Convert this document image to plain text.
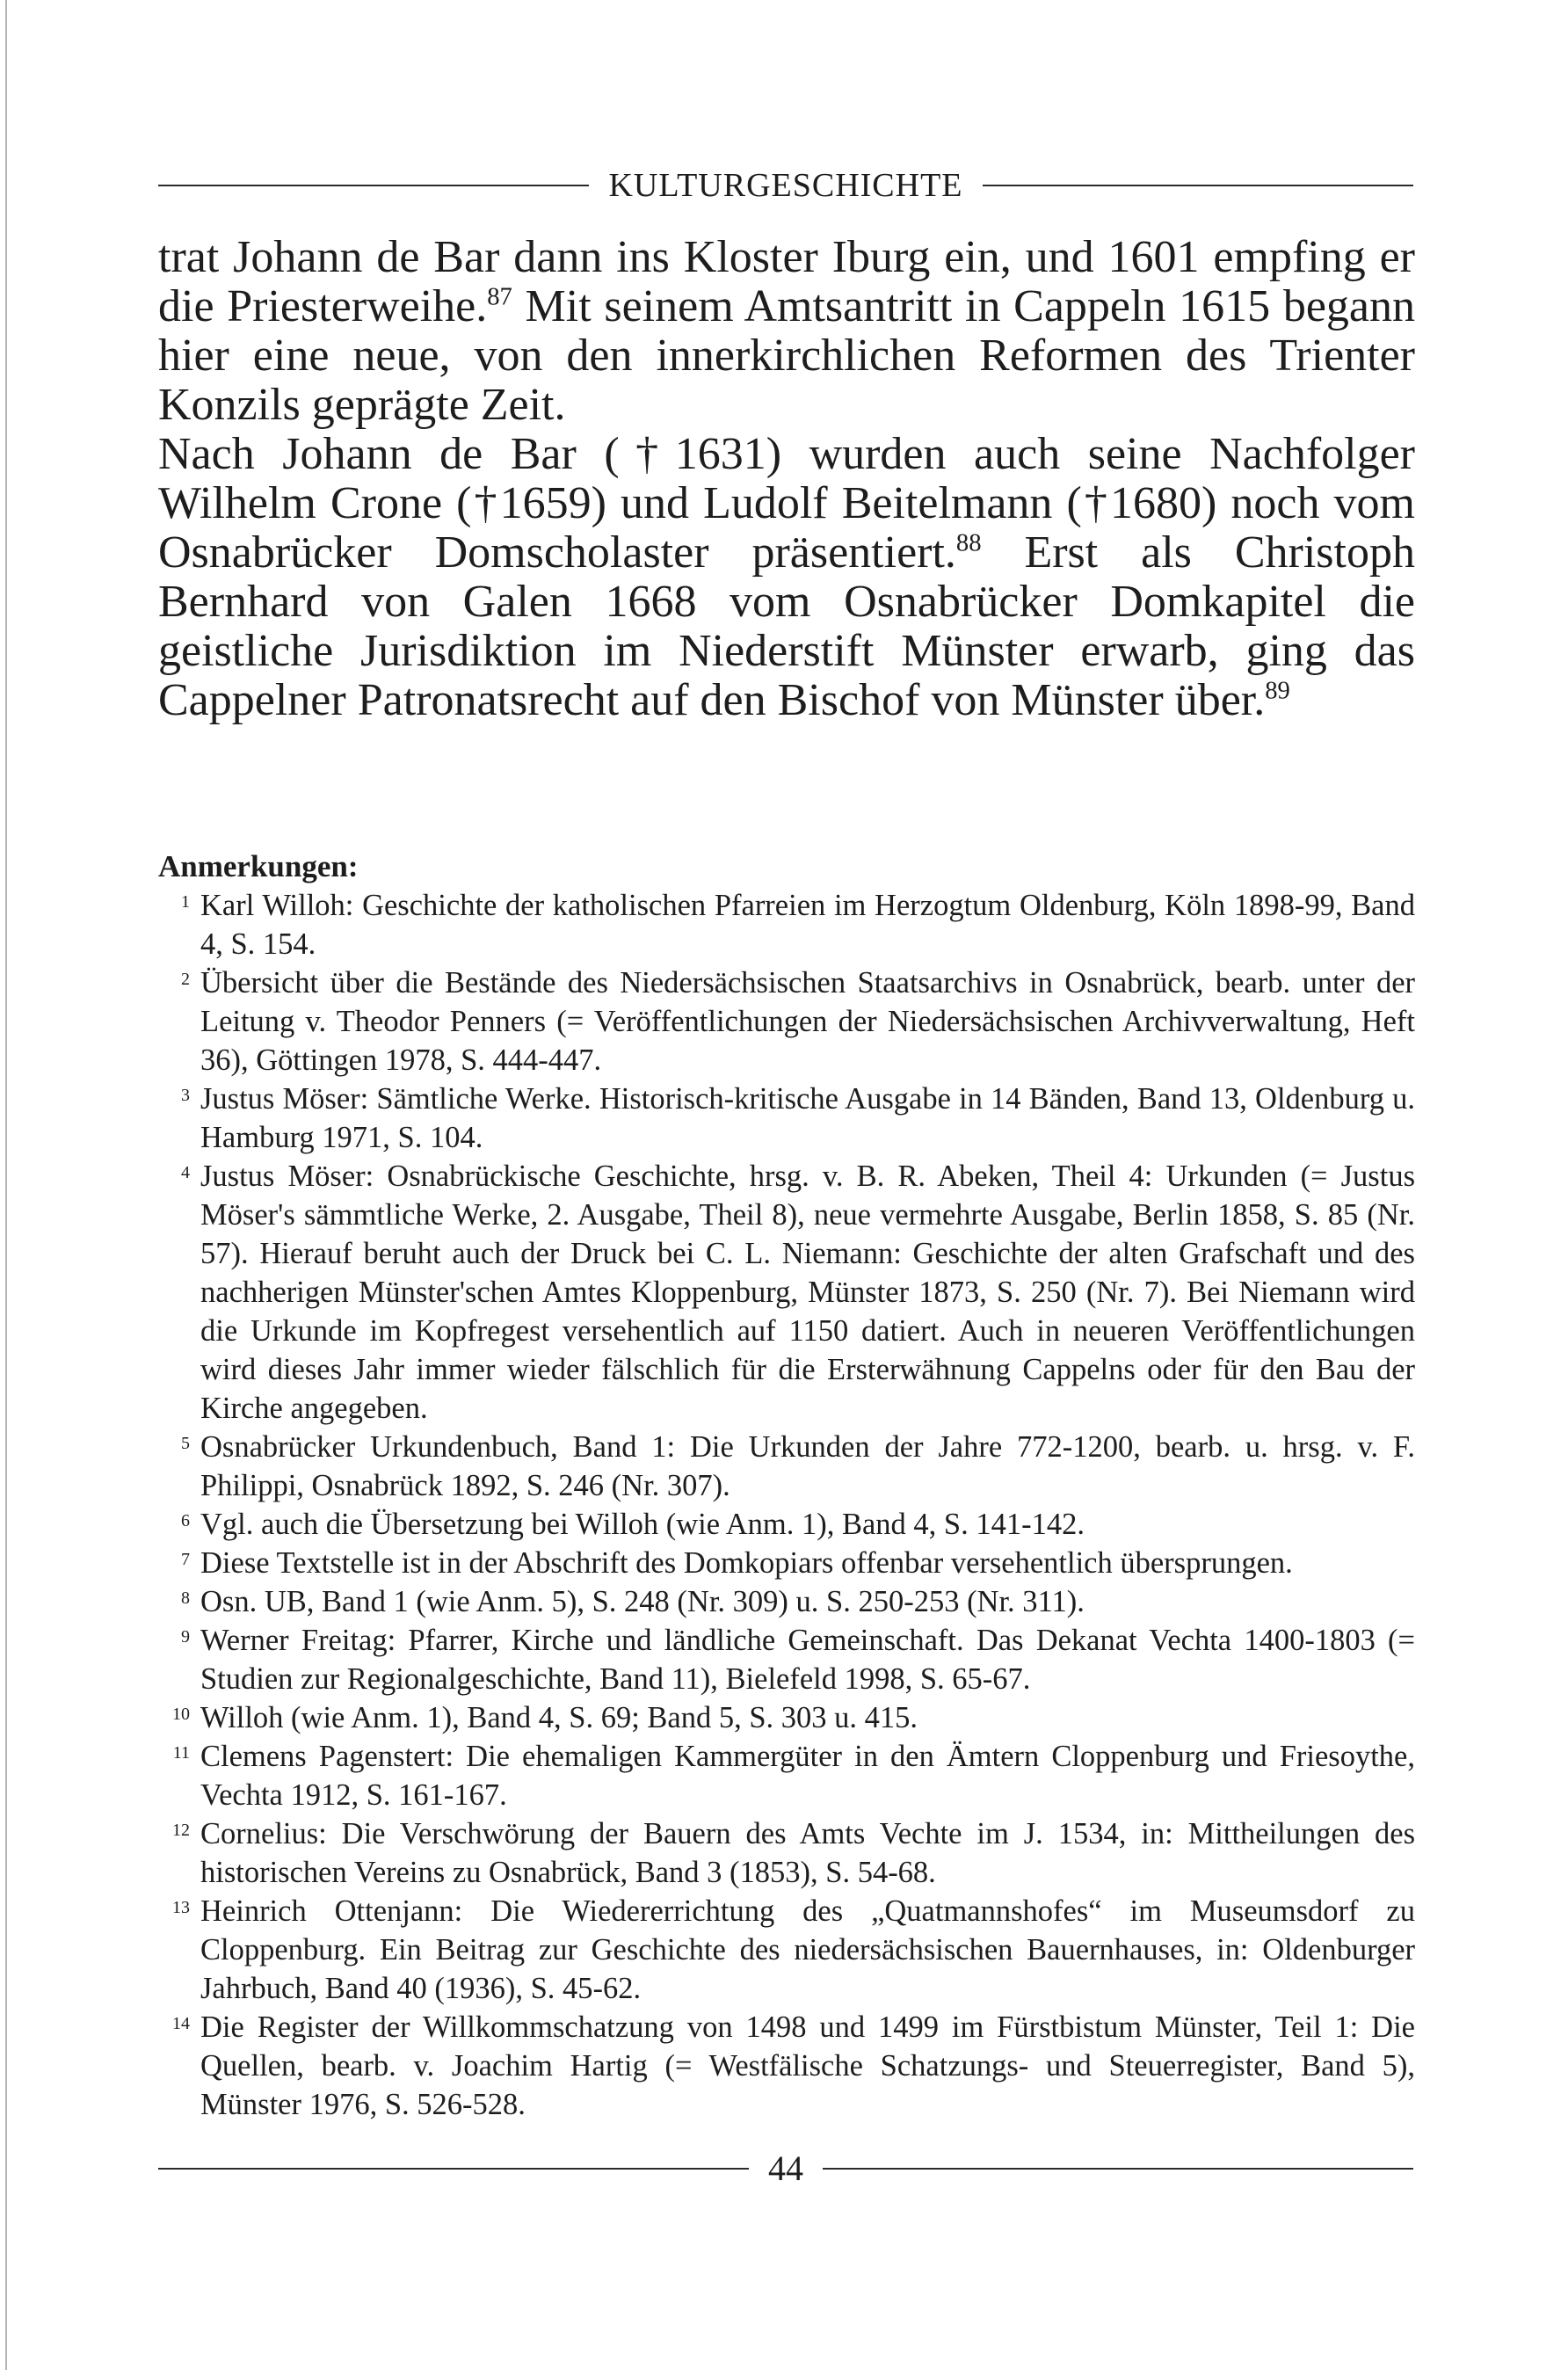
KULTURGESCHICHTE

trat Johann de Bar dann ins Kloster Iburg ein, und 1601 empfing er die Priesterweihe.$^{87}$ Mit seinem Amtsantritt in Cappeln 1615 begann hier eine neue, von den innerkirchlichen Reformen des Trienter Konzils geprägte Zeit.

Nach Johann de Bar (†1631) wurden auch seine Nachfolger Wilhelm Crone (†1659) und Ludolf Beitelmann (†1680) noch vom Osnabrücker Domscholaster präsentiert.$^{88}$ Erst als Christoph Bernhard von Galen 1668 vom Osnabrücker Domkapitel die geistliche Jurisdiktion im Niederstift Münster erwarb, ging das Cappelner Patronatsrecht auf den Bischof von Münster über.$^{89}$

Anmerkungen:
1 Karl Willoh: Geschichte der katholischen Pfarreien im Herzogtum Oldenburg, Köln 1898-99, Band 4, S. 154.
2 Übersicht über die Bestände des Niedersächsischen Staatsarchivs in Osnabrück, bearb. unter der Leitung v. Theodor Penners (= Veröffentlichungen der Niedersächsischen Archivverwaltung, Heft 36), Göttingen 1978, S. 444-447.
3 Justus Möser: Sämtliche Werke. Historisch-kritische Ausgabe in 14 Bänden, Band 13, Oldenburg u. Hamburg 1971, S. 104.
4 Justus Möser: Osnabrückische Geschichte, hrsg. v. B. R. Abeken, Theil 4: Urkunden (= Justus Möser's sämmtliche Werke, 2. Ausgabe, Theil 8), neue vermehrte Ausgabe, Berlin 1858, S. 85 (Nr. 57). Hierauf beruht auch der Druck bei C. L. Niemann: Geschichte der alten Grafschaft und des nachherigen Münster'schen Amtes Kloppenburg, Münster 1873, S. 250 (Nr. 7). Bei Niemann wird die Urkunde im Kopfregest versehentlich auf 1150 datiert. Auch in neueren Veröffentlichungen wird dieses Jahr immer wieder fälschlich für die Ersterwähnung Cappelns oder für den Bau der Kirche angegeben.
5 Osnabrücker Urkundenbuch, Band 1: Die Urkunden der Jahre 772-1200, bearb. u. hrsg. v. F. Philippi, Osnabrück 1892, S. 246 (Nr. 307).
6 Vgl. auch die Übersetzung bei Willoh (wie Anm. 1), Band 4, S. 141-142.
7 Diese Textstelle ist in der Abschrift des Domkopiars offenbar versehentlich übersprungen.
8 Osn. UB, Band 1 (wie Anm. 5), S. 248 (Nr. 309) u. S. 250-253 (Nr. 311).
9 Werner Freitag: Pfarrer, Kirche und ländliche Gemeinschaft. Das Dekanat Vechta 1400-1803 (= Studien zur Regionalgeschichte, Band 11), Bielefeld 1998, S. 65-67.
10 Willoh (wie Anm. 1), Band 4, S. 69; Band 5, S. 303 u. 415.
11 Clemens Pagenstert: Die ehemaligen Kammergüter in den Ämtern Cloppenburg und Friesoythe, Vechta 1912, S. 161-167.
12 Cornelius: Die Verschwörung der Bauern des Amts Vechte im J. 1534, in: Mittheilungen des historischen Vereins zu Osnabrück, Band 3 (1853), S. 54-68.
13 Heinrich Ottenjann: Die Wiedererrichtung des „Quatmannshofes“ im Museumsdorf zu Cloppenburg. Ein Beitrag zur Geschichte des niedersächsischen Bauernhauses, in: Oldenburger Jahrbuch, Band 40 (1936), S. 45-62.
14 Die Register der Willkommschatzung von 1498 und 1499 im Fürstbistum Münster, Teil 1: Die Quellen, bearb. v. Joachim Hartig (= Westfälische Schatzungs- und Steuerregister, Band 5), Münster 1976, S. 526-528.
44
